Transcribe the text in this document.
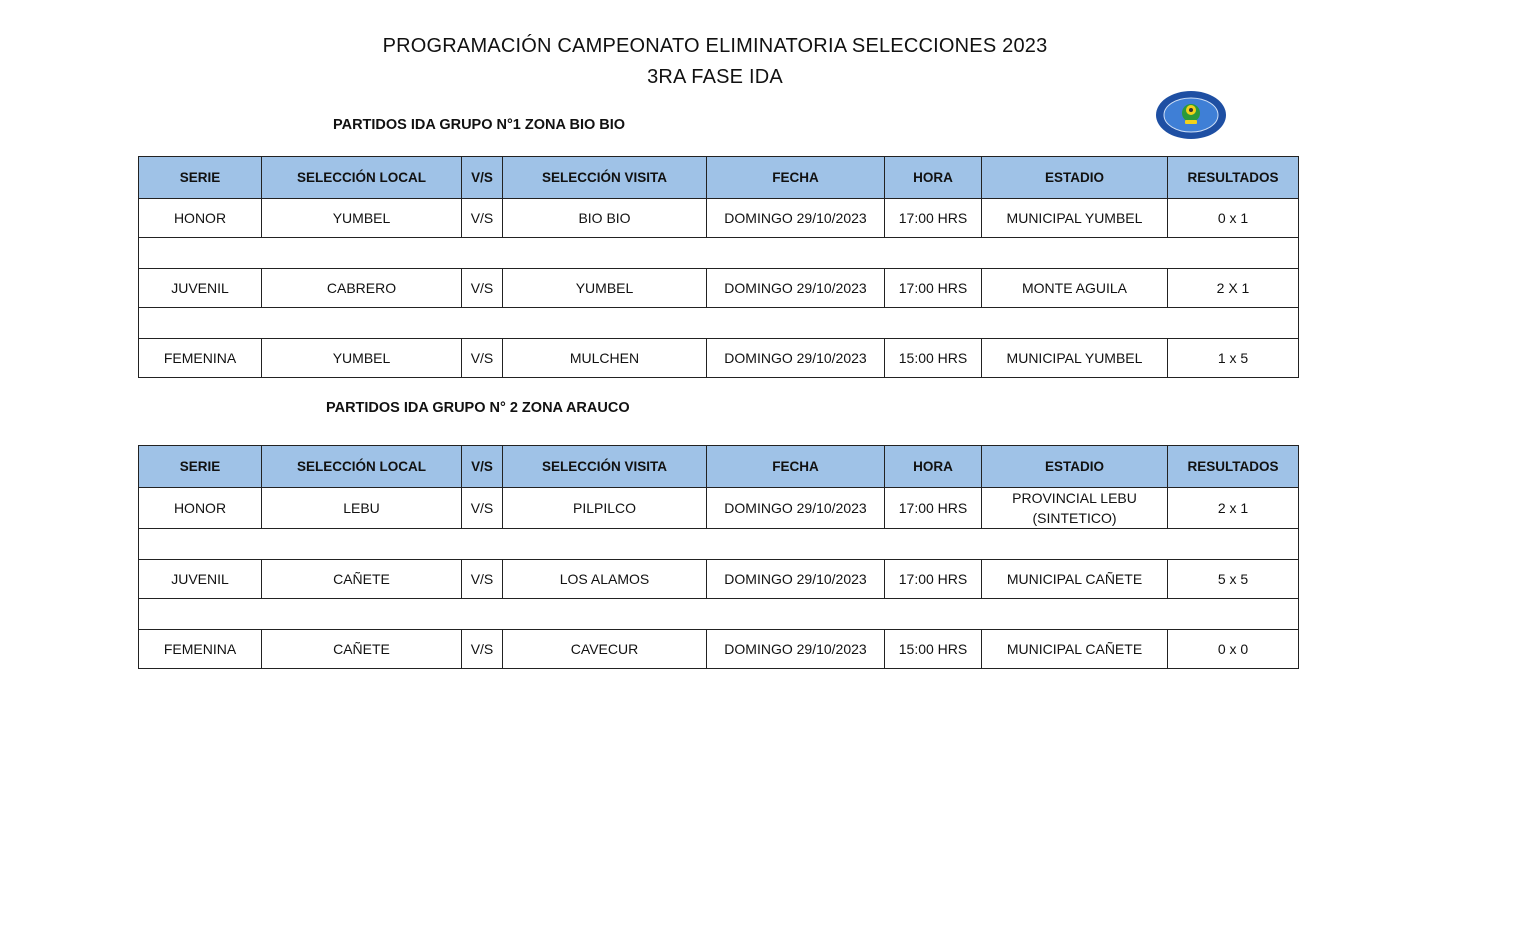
PROGRAMACIÓN CAMPEONATO ELIMINATORIA SELECCIONES 2023
3RA FASE IDA
PARTIDOS IDA GRUPO N°1 ZONA BIO BIO
SERIE	SELECCIÓN LOCAL	V/S	SELECCIÓN VISITA	FECHA	HORA	ESTADIO	RESULTADOS
HONOR	YUMBEL	V/S	BIO BIO	DOMINGO 29/10/2023	17:00 HRS	MUNICIPAL YUMBEL	0 x 1

JUVENIL	CABRERO	V/S	YUMBEL	DOMINGO 29/10/2023	17:00 HRS	MONTE AGUILA	2 X 1

FEMENINA	YUMBEL	V/S	MULCHEN	DOMINGO 29/10/2023	15:00 HRS	MUNICIPAL YUMBEL	1 x 5
PARTIDOS IDA GRUPO N° 2 ZONA ARAUCO
SERIE	SELECCIÓN LOCAL	V/S	SELECCIÓN VISITA	FECHA	HORA	ESTADIO	RESULTADOS
HONOR	LEBU	V/S	PILPILCO	DOMINGO 29/10/2023	17:00 HRS	PROVINCIAL LEBU (SINTETICO)	2 x 1

JUVENIL	CAÑETE	V/S	LOS ALAMOS	DOMINGO 29/10/2023	17:00 HRS	MUNICIPAL CAÑETE	5 x 5

FEMENINA	CAÑETE	V/S	CAVECUR	DOMINGO 29/10/2023	15:00 HRS	MUNICIPAL CAÑETE	0 x 0
